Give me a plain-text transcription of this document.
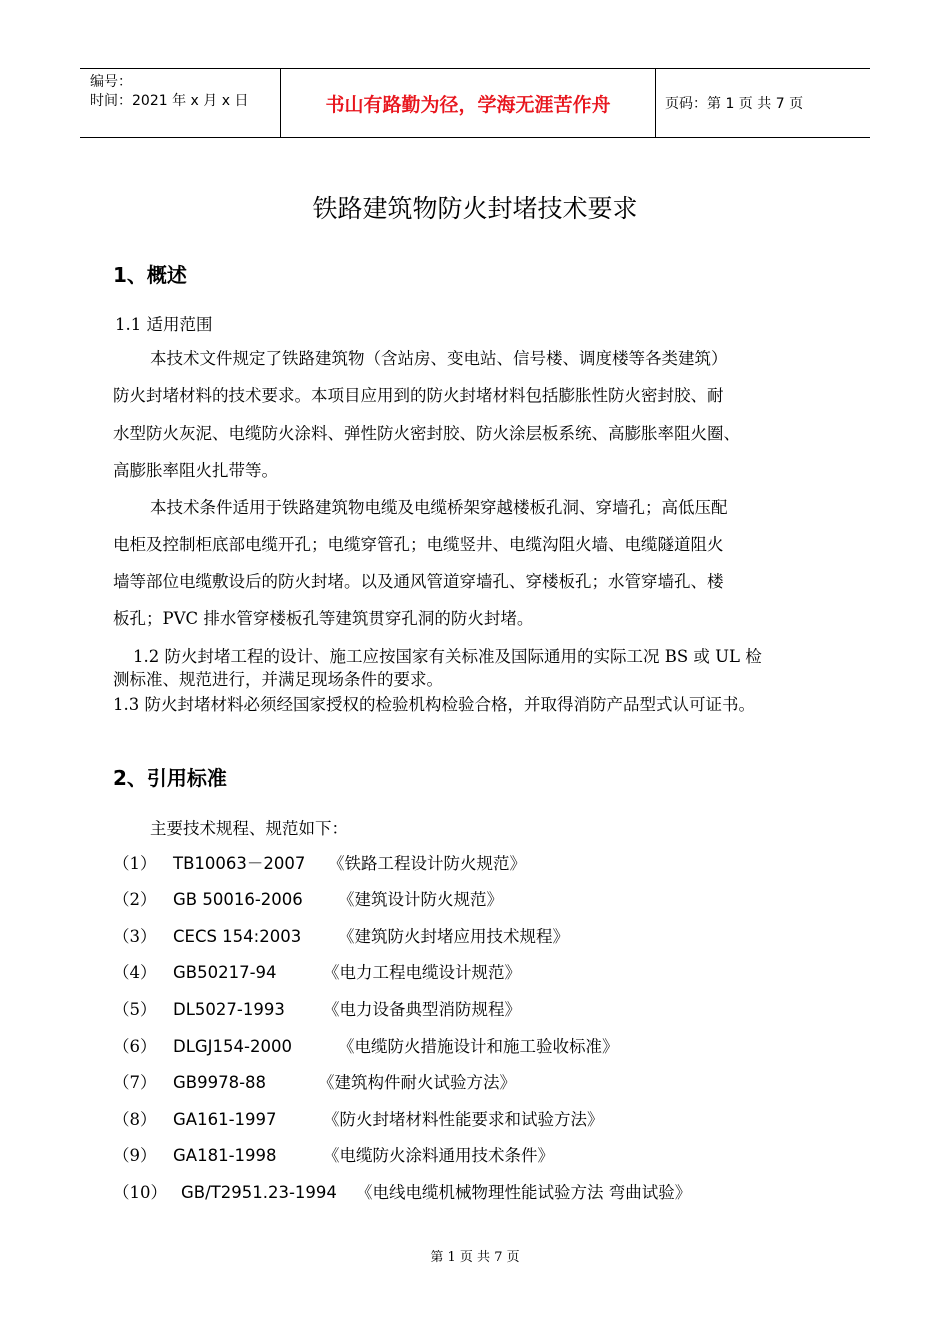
编号：
时间：2021 年 x 月 x 日	书山有路勤为径，学海无涯苦作舟	页码：第 1 页 共 7 页
铁路建筑物防火封堵技术要求
1、概述
1.1 适用范围
本技术文件规定了铁路建筑物（含站房、变电站、信号楼、调度楼等各类建筑）
防火封堵材料的技术要求。本项目应用到的防火封堵材料包括膨胀性防火密封胶、耐
水型防火灰泥、电缆防火涂料、弹性防火密封胶、防火涂层板系统、高膨胀率阻火圈、
高膨胀率阻火扎带等。
本技术条件适用于铁路建筑物电缆及电缆桥架穿越楼板孔洞、穿墙孔；高低压配
电柜及控制柜底部电缆开孔；电缆穿管孔；电缆竖井、电缆沟阻火墙、电缆隧道阻火
墙等部位电缆敷设后的防火封堵。以及通风管道穿墙孔、穿楼板孔；水管穿墙孔、楼
板孔；PVC 排水管穿楼板孔等建筑贯穿孔洞的防火封堵。
1.2 防火封堵工程的设计、施工应按国家有关标准及国际通用的实际工况 BS 或 UL 检
测标准、规范进行，并满足现场条件的要求。
1.3 防火封堵材料必须经国家授权的检验机构检验合格，并取得消防产品型式认可证书。
2、引用标准
主要技术规程、规范如下：
（1） TB10063－2007 《铁路工程设计防火规范》
（2） GB 50016-2006 《建筑设计防火规范》
（3） CECS 154:2003 《建筑防火封堵应用技术规程》
（4） GB50217-94	《电力工程电缆设计规范》
（5） DL5027-1993 《电力设备典型消防规程》
（6） DLGJ154-2000	《电缆防火措施设计和施工验收标准》
（7） GB9978-88	《建筑构件耐火试验方法》
（8） GA161-1997	《防火封堵材料性能要求和试验方法》
（9） GA181-1998	《电缆防火涂料通用技术条件》
（10） GB/T2951.23-1994 《电线电缆机械物理性能试验方法 弯曲试验》
第 1 页 共 7 页
